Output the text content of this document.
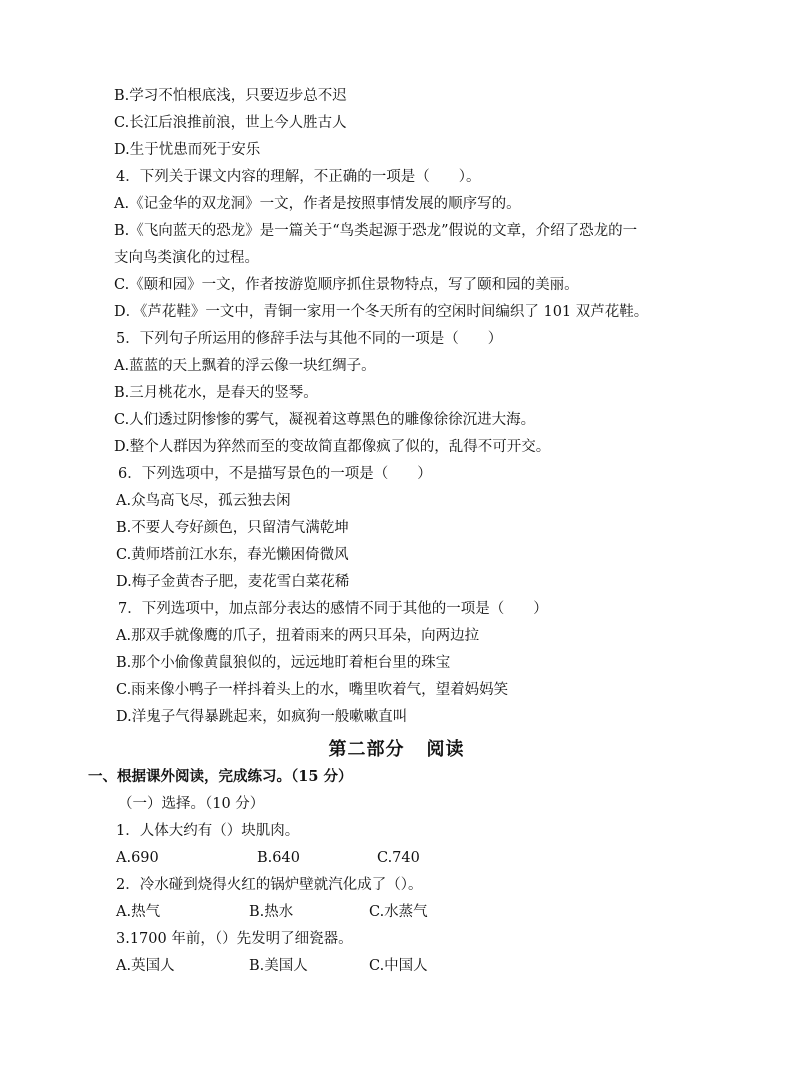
B.学习不怕根底浅，只要迈步总不迟
C.长江后浪推前浪，世上今人胜古人
D.生于忧患而死于安乐
4．下列关于课文内容的理解，不正确的一项是（　　）。
A.《记金华的双龙洞》一文，作者是按照事情发展的顺序写的。
B.《飞向蓝天的恐龙》是一篇关于“鸟类起源于恐龙”假说的文章，介绍了恐龙的一
支向鸟类演化的过程。
C.《颐和园》一文，作者按游览顺序抓住景物特点，写了颐和园的美丽。
D．《芦花鞋》一文中，青铜一家用一个冬天所有的空闲时间编织了 101 双芦花鞋。
5．下列句子所运用的修辞手法与其他不同的一项是（　　）
A.蓝蓝的天上飘着的浮云像一块红绸子。
B.三月桃花水，是春天的竖琴。
C.人们透过阴惨惨的雾气，凝视着这尊黑色的雕像徐徐沉进大海。
D.整个人群因为猝然而至的变故简直都像疯了似的，乱得不可开交。
6．下列选项中，不是描写景色的一项是（　　）
A.众鸟高飞尽，孤云独去闲
B.不要人夸好颜色，只留清气满乾坤
C.黄师塔前江水东，春光懒困倚微风
D.梅子金黄杏子肥，麦花雪白菜花稀
7．下列选项中，加点部分表达的感情不同于其他的一项是（　　）
A.那双手就像鹰的爪子，扭着雨来的两只耳朵，向两边拉
B.那个小偷像黄鼠狼似的，远远地盯着柜台里的珠宝
C.雨来像小鸭子一样抖着头上的水，嘴里吹着气，望着妈妈笑
D.洋鬼子气得暴跳起来，如疯狗一般嗽嗽直叫
第二部分 阅读
一、根据课外阅读，完成练习。（15 分）
（一）选择。（10 分）
1．人体大约有（）块肌肉。
A.690	B.640	C.740
2．冷水碰到烧得火红的锅炉壁就汽化成了（）。
A.热气	B.热水	C.水蒸气
3.1700 年前，（）先发明了细瓷器。
A.英国人	B.美国人	C.中国人
